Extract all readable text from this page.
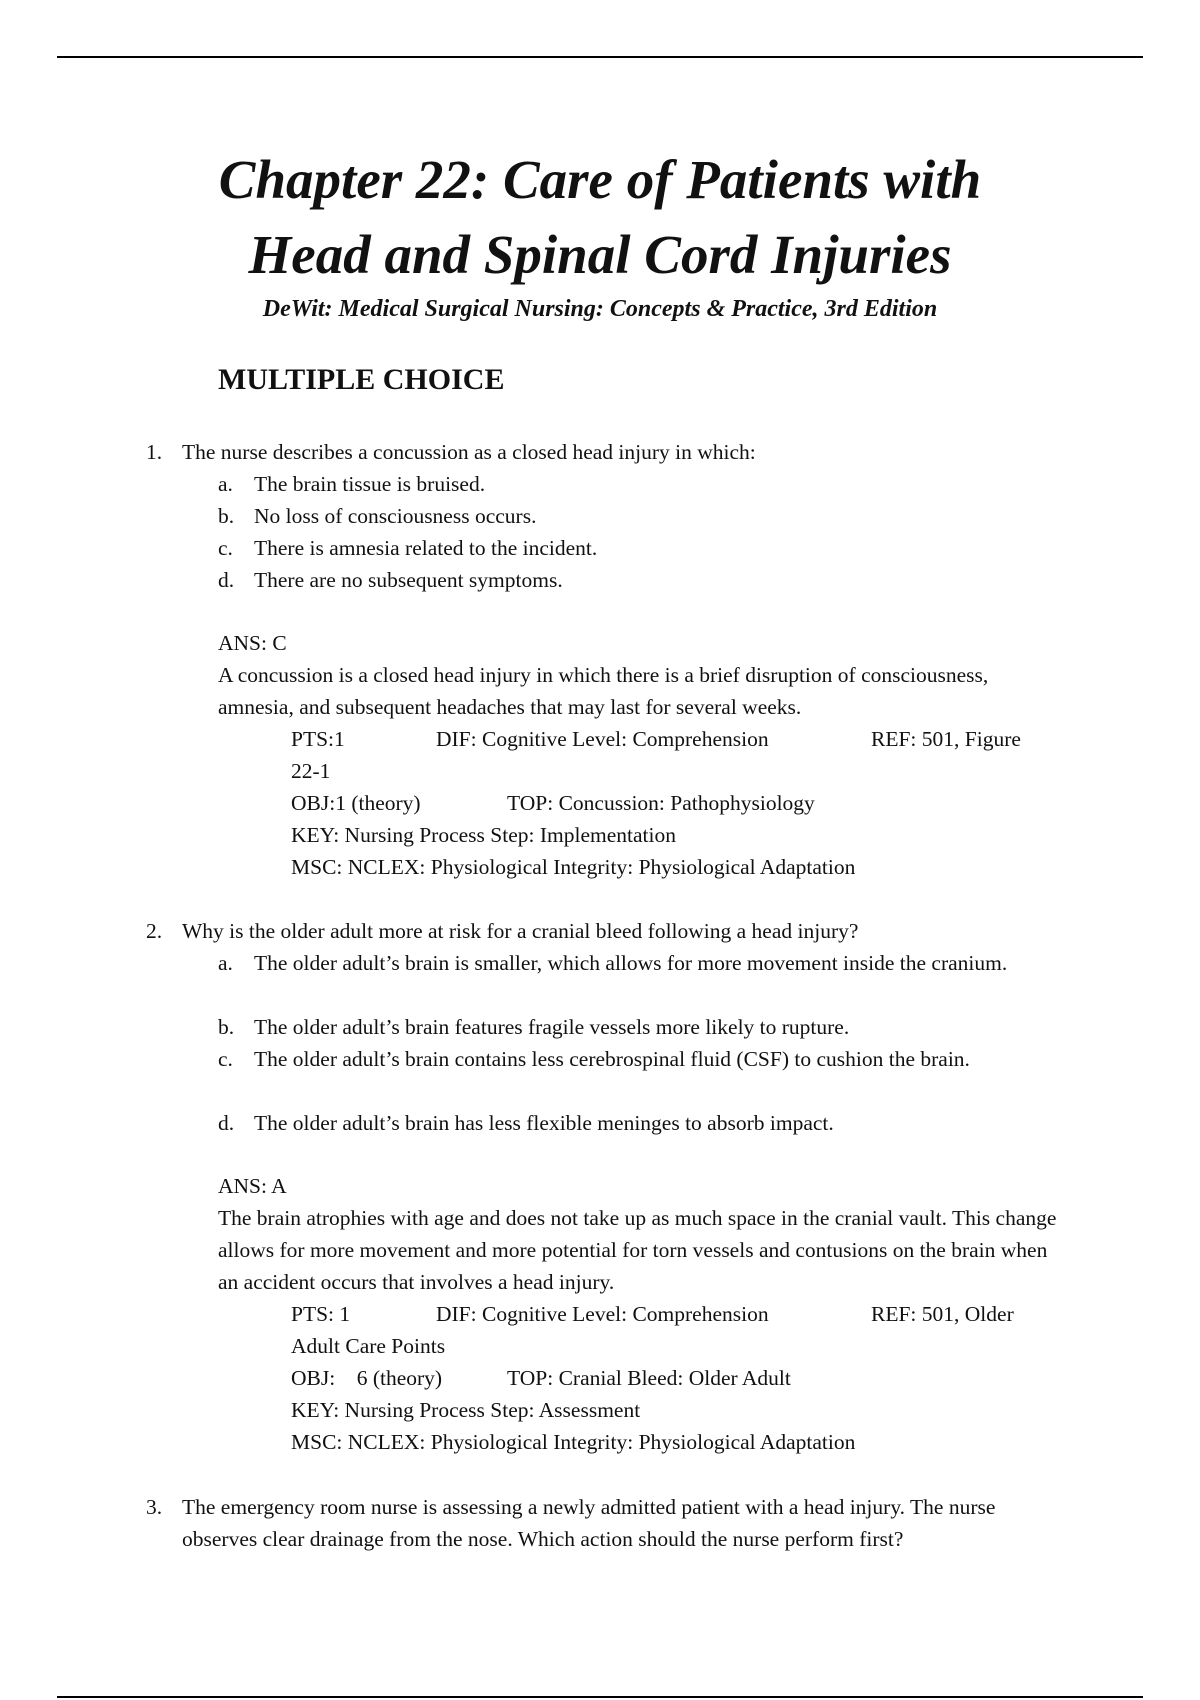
Chapter 22: Care of Patients with
Head and Spinal Cord Injuries

DeWit: Medical Surgical Nursing: Concepts & Practice, 3rd Edition

MULTIPLE CHOICE
1. The nurse describes a concussion as a closed head injury in which:
a. The brain tissue is bruised.
b. No loss of consciousness occurs.
c. There is amnesia related to the incident.
d. There are no subsequent symptoms.
ANS: C
A concussion is a closed head injury in which there is a brief disruption of consciousness, amnesia, and subsequent headaches that may last for several weeks.
PTS:1	DIF: Cognitive Level: Comprehension	REF: 501, Figure
22-1
OBJ:1 (theory)	TOP: Concussion: Pathophysiology
KEY: Nursing Process Step: Implementation
MSC: NCLEX: Physiological Integrity: Physiological Adaptation
2. Why is the older adult more at risk for a cranial bleed following a head injury?
a. The older adult’s brain is smaller, which allows for more movement inside the cranium.
b. The older adult’s brain features fragile vessels more likely to rupture.
c. The older adult’s brain contains less cerebrospinal fluid (CSF) to cushion the brain.
d. The older adult’s brain has less flexible meninges to absorb impact.
ANS: A
The brain atrophies with age and does not take up as much space in the cranial vault. This change allows for more movement and more potential for torn vessels and contusions on the brain when an accident occurs that involves a head injury.
PTS: 1	DIF: Cognitive Level: Comprehension	REF: 501, Older
Adult Care Points
OBJ:    6 (theory)	TOP: Cranial Bleed: Older Adult
KEY: Nursing Process Step: Assessment
MSC: NCLEX: Physiological Integrity: Physiological Adaptation
3. The emergency room nurse is assessing a newly admitted patient with a head injury. The nurse observes clear drainage from the nose. Which action should the nurse perform first?
